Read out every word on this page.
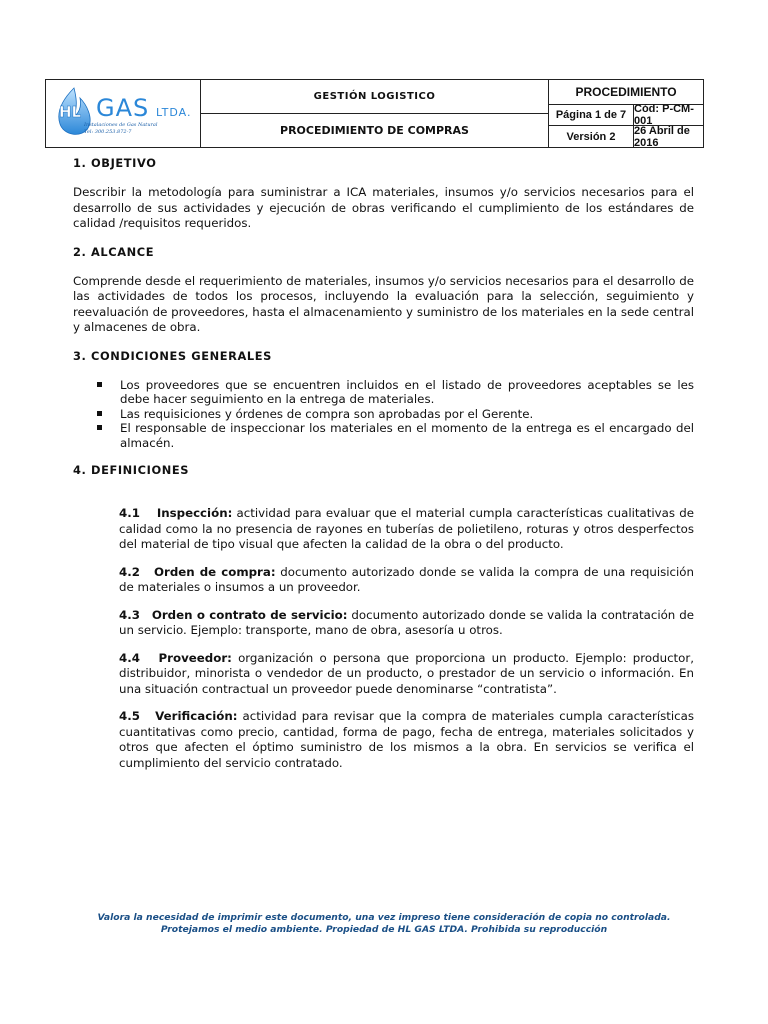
HL GAS LTDA.
Instalaciones de Gas Natural
Tel: 300.253.872-7
GESTIÓN LOGISTICO
PROCEDIMIENTO DE COMPRAS
PROCEDIMIENTO
Página 1 de 7 Cód: P-CM-001
Versión 2	26 Abril de 2016
1. OBJETIVO

Describir la metodología para suministrar a ICA materiales, insumos y/o servicios necesarios para el desarrollo de sus actividades y ejecución de obras verificando el cumplimiento de los estándares de calidad /requisitos requeridos.

2. ALCANCE

Comprende desde el requerimiento de materiales, insumos y/o servicios necesarios para el desarrollo de las actividades de todos los procesos, incluyendo la evaluación para la selección, seguimiento y reevaluación de proveedores, hasta el almacenamiento y suministro de los materiales en la sede central y almacenes de obra.

3. CONDICIONES GENERALES
Los proveedores que se encuentren incluidos en el listado de proveedores aceptables se les debe hacer seguimiento en la entrega de materiales.
Las requisiciones y órdenes de compra son aprobadas por el Gerente.
El responsable de inspeccionar los materiales en el momento de la entrega es el encargado del almacén.
4. DEFINICIONES

4.1 Inspección: actividad para evaluar que el material cumpla características cualitativas de calidad como la no presencia de rayones en tuberías de polietileno, roturas y otros desperfectos del material de tipo visual que afecten la calidad de la obra o del producto.

4.2 Orden de compra: documento autorizado donde se valida la compra de una requisición de materiales o insumos a un proveedor.

4.3 Orden o contrato de servicio: documento autorizado donde se valida la contratación de un servicio. Ejemplo: transporte, mano de obra, asesoría u otros.

4.4 Proveedor: organización o persona que proporciona un producto. Ejemplo: productor, distribuidor, minorista o vendedor de un producto, o prestador de un servicio o información. En una situación contractual un proveedor puede denominarse “contratista”.

4.5 Verificación: actividad para revisar que la compra de materiales cumpla características cuantitativas como precio, cantidad, forma de pago, fecha de entrega, materiales solicitados y otros que afecten el óptimo suministro de los mismos a la obra. En servicios se verifica el cumplimiento del servicio contratado.

Valora la necesidad de imprimir este documento, una vez impreso tiene consideración de copia no controlada.
Protejamos el medio ambiente. Propiedad de HL GAS LTDA. Prohibida su reproducción
